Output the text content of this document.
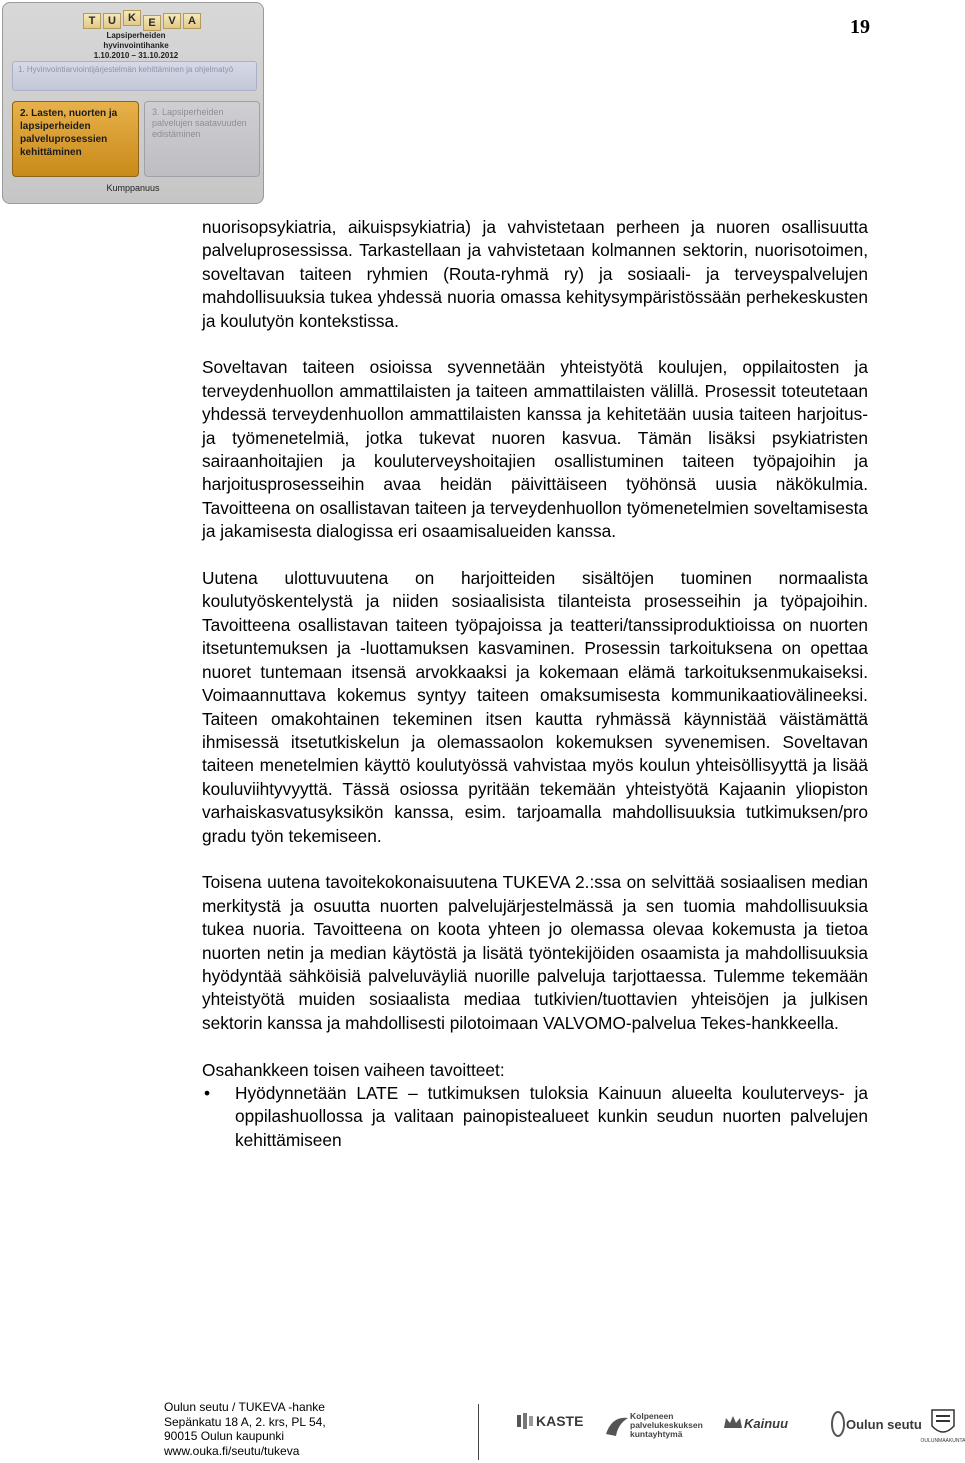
19
T	U	K	E	V	A
Lapsiperheiden hyvinvointihanke
1.10.2010 – 31.10.2012
1. Hyvinvointiarviointijärjestelmän kehittäminen ja ohjelmatyö
2. Lasten, nuorten ja lapsiperheiden palveluprosessien kehittäminen
3. Lapsiperheiden palvelujen saatavuuden edistäminen
Kumppanuus

nuorisopsykiatria, aikuispsykiatria) ja vahvistetaan perheen ja nuoren osallisuutta palveluprosessissa. Tarkastellaan ja vahvistetaan kolmannen sektorin, nuorisotoimen, soveltavan taiteen ryhmien (Routa-ryhmä ry) ja sosiaali- ja terveyspalvelujen mahdollisuuksia tukea yhdessä nuoria omassa kehitysympäristössään perhekeskusten ja koulutyön kontekstissa.

Soveltavan taiteen osioissa syvennetään yhteistyötä koulujen, oppilaitosten ja terveydenhuollon ammattilaisten ja taiteen ammattilaisten välillä. Prosessit toteutetaan yhdessä terveydenhuollon ammattilaisten kanssa ja kehitetään uusia taiteen harjoitus- ja työmenetelmiä, jotka tukevat nuoren kasvua. Tämän lisäksi psykiatristen sairaanhoitajien ja kouluterveyshoitajien osallistuminen taiteen työpajoihin ja harjoitusprosesseihin avaa heidän päivittäiseen työhönsä uusia näkökulmia. Tavoitteena on osallistavan taiteen ja terveydenhuollon työmenetelmien soveltamisesta ja jakamisesta dialogissa eri osaamisalueiden kanssa.

Uutena ulottuvuutena on harjoitteiden sisältöjen tuominen normaalista koulutyöskentelystä ja niiden sosiaalisista tilanteista prosesseihin ja työpajoihin. Tavoitteena osallistavan taiteen työpajoissa ja teatteri/tanssiproduktioissa on nuorten itsetuntemuksen ja -luottamuksen kasvaminen. Prosessin tarkoituksena on opettaa nuoret tuntemaan itsensä arvokkaaksi ja kokemaan elämä tarkoituksenmukaiseksi. Voimaannuttava kokemus syntyy taiteen omaksumisesta kommunikaatiovälineeksi. Taiteen omakohtainen tekeminen itsen kautta ryhmässä käynnistää väistämättä ihmisessä itsetutkiskelun ja olemassaolon kokemuksen syvenemisen. Soveltavan taiteen menetelmien käyttö koulutyössä vahvistaa myös koulun yhteisöllisyyttä ja lisää kouluviihtyvyyttä. Tässä osiossa pyritään tekemään yhteistyötä Kajaanin yliopiston varhaiskasvatusyksikön kanssa, esim. tarjoamalla mahdollisuuksia tutkimuksen/pro gradu työn tekemiseen.

Toisena uutena tavoitekokonaisuutena TUKEVA 2.:ssa on selvittää sosiaalisen median merkitystä ja osuutta nuorten palvelujärjestelmässä ja sen tuomia mahdollisuuksia tukea nuoria. Tavoitteena on koota yhteen jo olemassa olevaa kokemusta ja tietoa nuorten netin ja median käytöstä ja lisätä työntekijöiden osaamista ja mahdollisuuksia hyödyntää sähköisiä palveluväyliä nuorille palveluja tarjottaessa. Tulemme tekemään yhteistyötä muiden sosiaalista mediaa tutkivien/tuottavien yhteisöjen ja julkisen sektorin kanssa ja mahdollisesti pilotoimaan VALVOMO-palvelua Tekes-hankkeella.

Osahankkeen toisen vaiheen tavoitteet:

• Hyödynnetään LATE – tutkimuksen tuloksia Kainuun alueelta kouluterveys- ja oppilashuollossa ja valitaan painopistealueet kunkin seudun nuorten palvelujen kehittämiseen
Oulun seutu / TUKEVA -hanke
Sepänkatu 18 A, 2. krs, PL 54,
90015 Oulun kaupunki
www.ouka.fi/seutu/tukeva
KASTE	Kolpeneen
palvelukeskuksen
kuntayhtymä
Kainuu	Oulun seutu
OULUNMAAKUNTA
